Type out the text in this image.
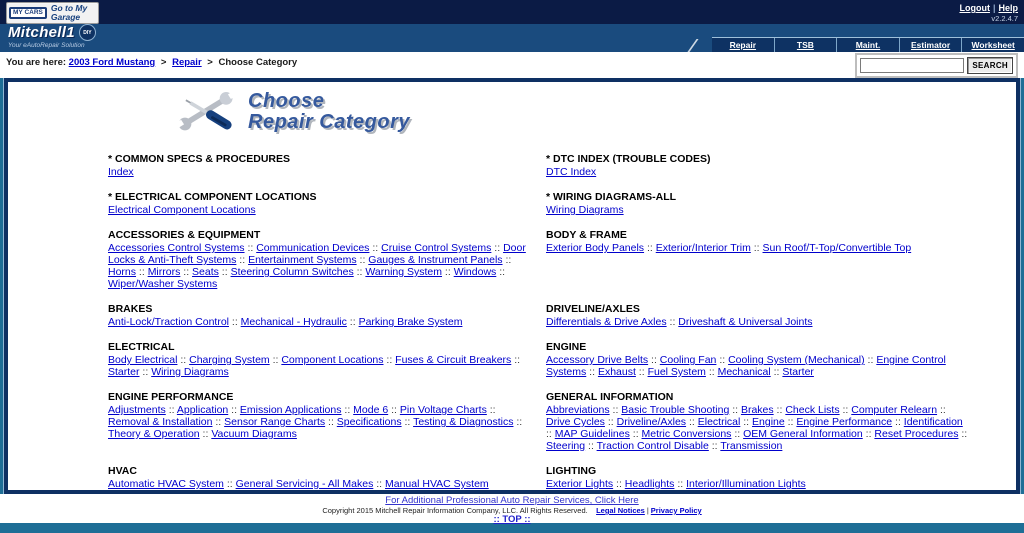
MY CARS Go to My Garage
Logout | Help
v2.2.4.7
Mitchell1	DIY
Your eAutoRepair Solution	Repair	TSB	Maint.	Estimator	Worksheet
You are here: 2003 Ford Mustang > Repair > Choose Category	SEARCH
Choose
Repair Category
* COMMON SPECS & PROCEDURES
Index
* DTC INDEX (TROUBLE CODES)
DTC Index
* ELECTRICAL COMPONENT LOCATIONS
Electrical Component Locations
* WIRING DIAGRAMS-ALL
Wiring Diagrams
ACCESSORIES & EQUIPMENT
Accessories Control Systems :: Communication Devices :: Cruise Control Systems :: Door Locks & Anti-Theft Systems :: Entertainment Systems :: Gauges & Instrument Panels :: Horns :: Mirrors :: Seats :: Steering Column Switches :: Warning System :: Windows :: Wiper/Washer Systems
BODY & FRAME
Exterior Body Panels :: Exterior/Interior Trim :: Sun Roof/T-Top/Convertible Top
BRAKES
Anti-Lock/Traction Control :: Mechanical - Hydraulic :: Parking Brake System
DRIVELINE/AXLES
Differentials & Drive Axles :: Driveshaft & Universal Joints
ELECTRICAL
Body Electrical :: Charging System :: Component Locations :: Fuses & Circuit Breakers :: Starter :: Wiring Diagrams
ENGINE
Accessory Drive Belts :: Cooling Fan :: Cooling System (Mechanical) :: Engine Control Systems :: Exhaust :: Fuel System :: Mechanical :: Starter
ENGINE PERFORMANCE
Adjustments :: Application :: Emission Applications :: Mode 6 :: Pin Voltage Charts :: Removal & Installation :: Sensor Range Charts :: Specifications :: Testing & Diagnostics :: Theory & Operation :: Vacuum Diagrams
GENERAL INFORMATION
Abbreviations :: Basic Trouble Shooting :: Brakes :: Check Lists :: Computer Relearn :: Drive Cycles :: Driveline/Axles :: Electrical :: Engine :: Engine Performance :: Identification :: MAP Guidelines :: Metric Conversions :: OEM General Information :: Reset Procedures :: Steering :: Traction Control Disable :: Transmission
HVAC
Automatic HVAC System :: General Servicing - All Makes :: Manual HVAC System
LIGHTING
Exterior Lights :: Headlights :: Interior/Illumination Lights
For Additional Professional Auto Repair Services, Click Here
Copyright 2015 Mitchell Repair Information Company, LLC. All Rights Reserved. Legal Notices | Privacy Policy
:: TOP ::
